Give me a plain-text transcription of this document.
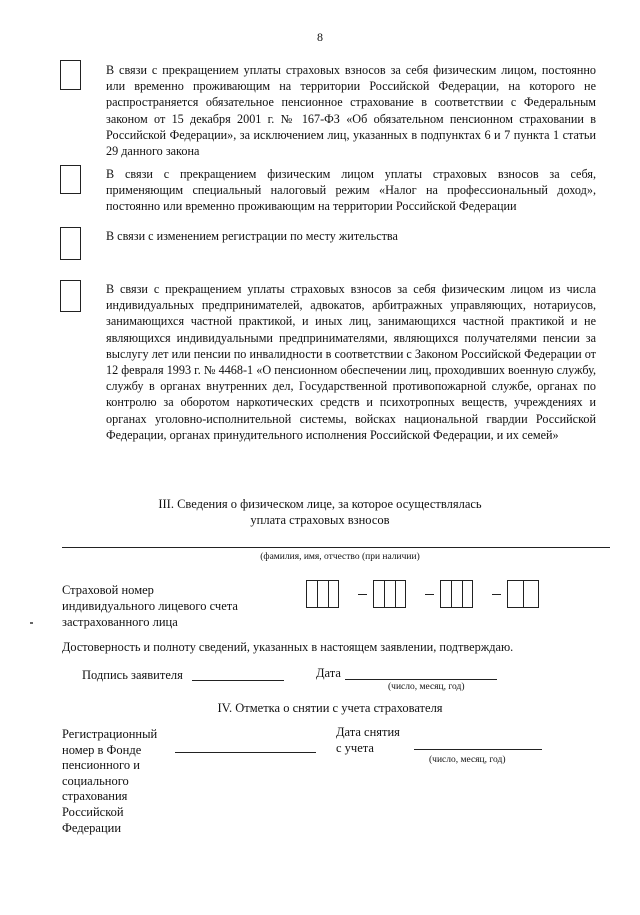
8
В связи с прекращением уплаты страховых взносов за себя физическим лицом, постоянно или временно проживающим на территории Российской Федерации, на которого не распространяется обязательное пенсионное страхование в соответствии с Федеральным законом от 15 декабря 2001 г. № 167-ФЗ «Об обязательном пенсионном страховании в Российской Федерации», за исключением лиц, указанных в подпунктах 6 и 7 пункта 1 статьи 29 данного закона
В связи с прекращением физическим лицом уплаты страховых взносов за себя, применяющим специальный налоговый режим «Налог на профессиональный доход», постоянно или временно проживающим на территории Российской Федерации
В связи с изменением регистрации по месту жительства
В связи с прекращением уплаты страховых взносов за себя физическим лицом из числа индивидуальных предпринимателей, адвокатов, арбитражных управляющих, нотариусов, занимающихся частной практикой, и иных лиц, занимающихся частной практикой и не являющихся индивидуальными предпринимателями, являющихся получателями пенсии за выслугу лет или пенсии по инвалидности в соответствии с Законом Российской Федерации от 12 февраля 1993 г. № 4468-1 «О пенсионном обеспечении лиц, проходивших военную службу, службу в органах внутренних дел, Государственной противопожарной службе, органах по контролю за оборотом наркотических средств и психотропных веществ, учреждениях и органах уголовно-исполнительной системы, войсках национальной гвардии Российской Федерации, органах принудительного исполнения Российской Федерации, и их семей»
III. Сведения о физическом лице, за которое осуществлялась
уплата страховых взносов
(фамилия, имя, отчество (при наличии)
Страховой номер
индивидуального лицевого счета
застрахованного лица
Достоверность и полноту сведений, указанных в настоящем заявлении, подтверждаю.
Подпись заявителя	Дата
(число, месяц, год)
IV. Отметка о снятии с учета страхователя
Регистрационный
номер в Фонде
пенсионного и
социального
страхования
Российской
Федерации
Дата снятия
с учета
(число, месяц, год)
